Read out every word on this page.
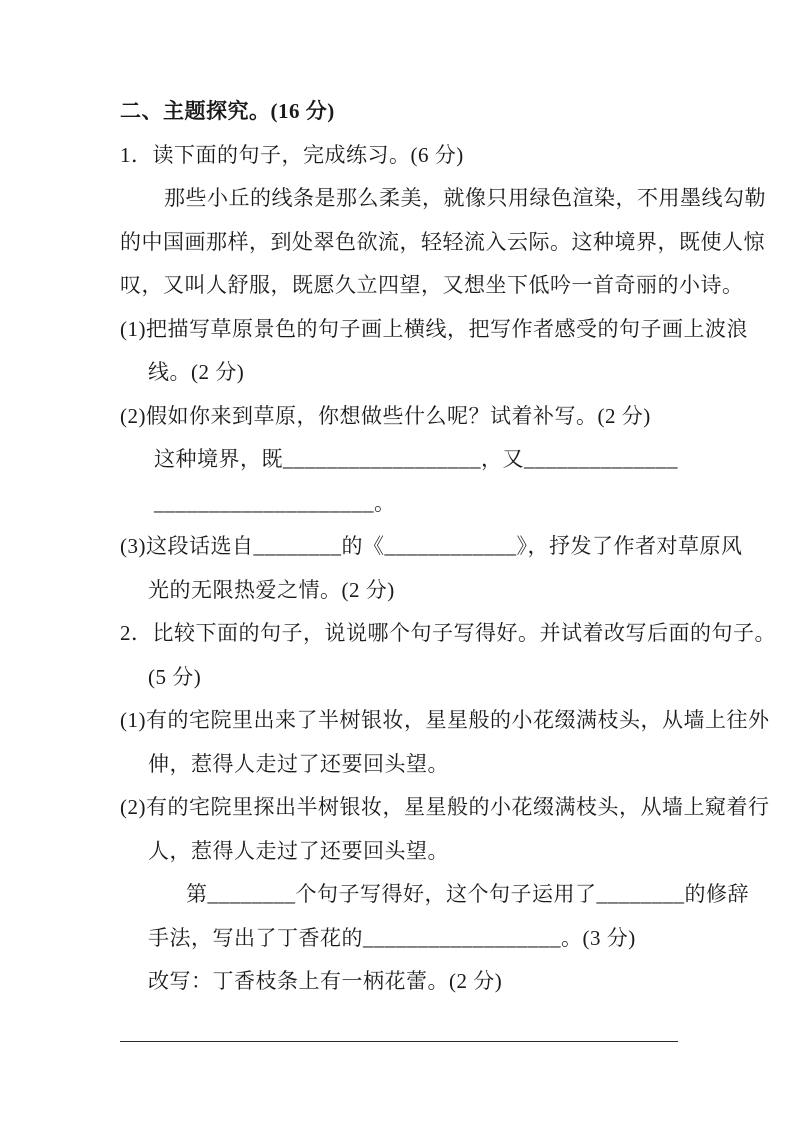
二、主题探究。(16 分)
1．读下面的句子，完成练习。(6 分)
那些小丘的线条是那么柔美，就像只用绿色渲染，不用墨线勾勒
的中国画那样，到处翠色欲流，轻轻流入云际。这种境界，既使人惊
叹，又叫人舒服，既愿久立四望，又想坐下低吟一首奇丽的小诗。
(1)把描写草原景色的句子画上横线，把写作者感受的句子画上波浪
线。(2 分)
(2)假如你来到草原，你想做些什么呢？试着补写。(2 分)
这种境界，既__________________，又______________
____________________。
(3)这段话选自________的《____________》，抒发了作者对草原风
光的无限热爱之情。(2 分)
2．比较下面的句子，说说哪个句子写得好。并试着改写后面的句子。
(5 分)
(1)有的宅院里出来了半树银妆，星星般的小花缀满枝头，从墙上往外
伸，惹得人走过了还要回头望。
(2)有的宅院里探出半树银妆，星星般的小花缀满枝头，从墙上窥着行
人，惹得人走过了还要回头望。
第________个句子写得好，这个句子运用了________的修辞
手法，写出了丁香花的__________________。(3 分)
改写：丁香枝条上有一柄花蕾。(2 分)
